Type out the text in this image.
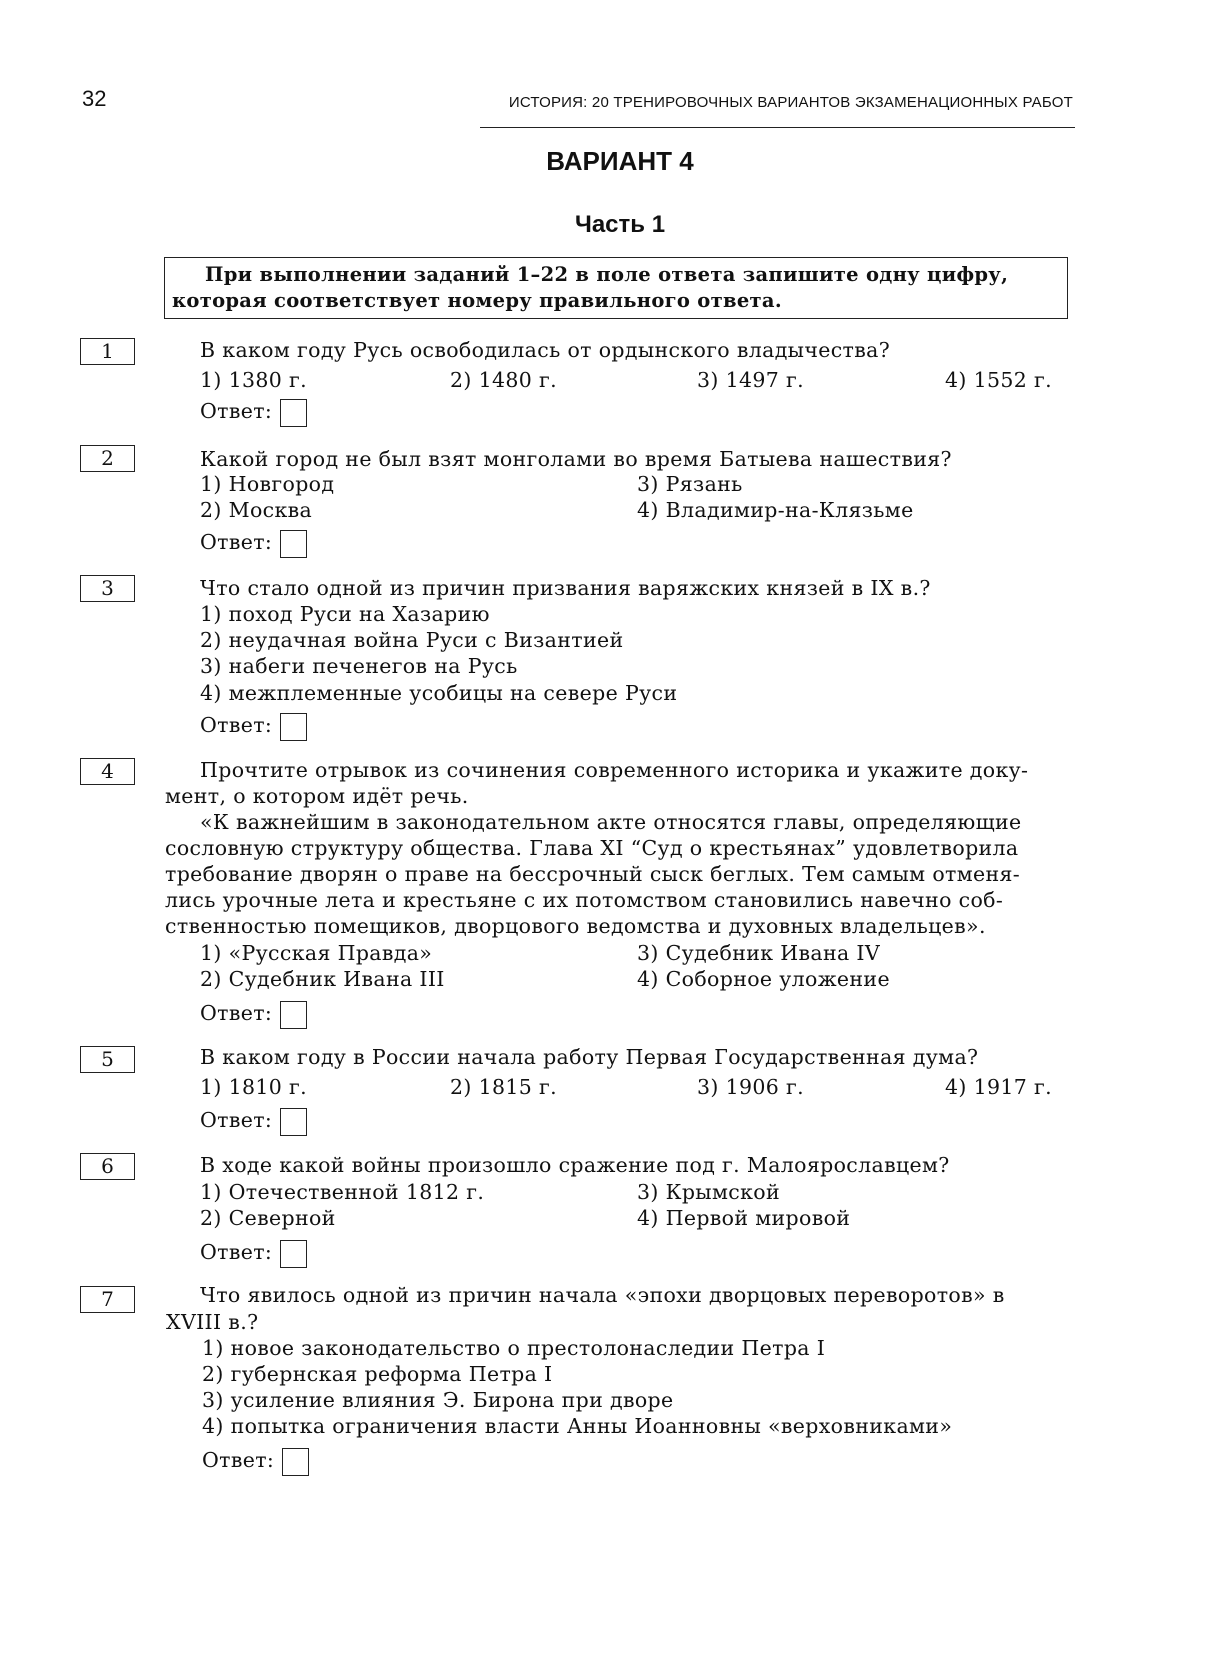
32	ИСТОРИЯ: 20 ТРЕНИРОВОЧНЫХ ВАРИАНТОВ ЭКЗАМЕНАЦИОННЫХ РАБОТ
ВАРИАНТ 4
Часть 1
При выполнении заданий 1–22 в поле ответа запишите одну цифру,
которая соответствует номеру правильного ответа.
1	В каком году Русь освободилась от ордынского владычества?
1) 1380 г.	2) 1480 г.	3) 1497 г.	4) 1552 г.
Ответ:
2	Какой город не был взят монголами во время Батыева нашествия?
1) Новгород
2) Москва
3) Рязань
4) Владимир-на-Клязьме
Ответ:
3	Что стало одной из причин призвания варяжских князей в IX в.?
1) поход Руси на Хазарию
2) неудачная война Руси с Византией
3) набеги печенегов на Русь
4) межплеменные усобицы на севере Руси
Ответ:
4	Прочтите отрывок из сочинения современного историка и укажите доку-
мент, о котором идёт речь.
«К важнейшим в законодательном акте относятся главы, определяющие
сословную структуру общества. Глава XI “Суд о крестьянах” удовлетворила
требование дворян о праве на бессрочный сыск беглых. Тем самым отменя-
лись урочные лета и крестьяне с их потомством становились навечно соб-
ственностью помещиков, дворцового ведомства и духовных владельцев».
1) «Русская Правда»
2) Судебник Ивана III
3) Судебник Ивана IV
4) Соборное уложение
Ответ:
5	В каком году в России начала работу Первая Государственная дума?
1) 1810 г.	2) 1815 г.	3) 1906 г.	4) 1917 г.
Ответ:
6	В ходе какой войны произошло сражение под г. Малоярославцем?
1) Отечественной 1812 г.
2) Северной
3) Крымской
4) Первой мировой
Ответ:
7	Что явилось одной из причин начала «эпохи дворцовых переворотов» в
XVIII в.?
1) новое законодательство о престолонаследии Петра I
2) губернская реформа Петра I
3) усиление влияния Э. Бирона при дворе
4) попытка ограничения власти Анны Иоанновны «верховниками»
Ответ:
